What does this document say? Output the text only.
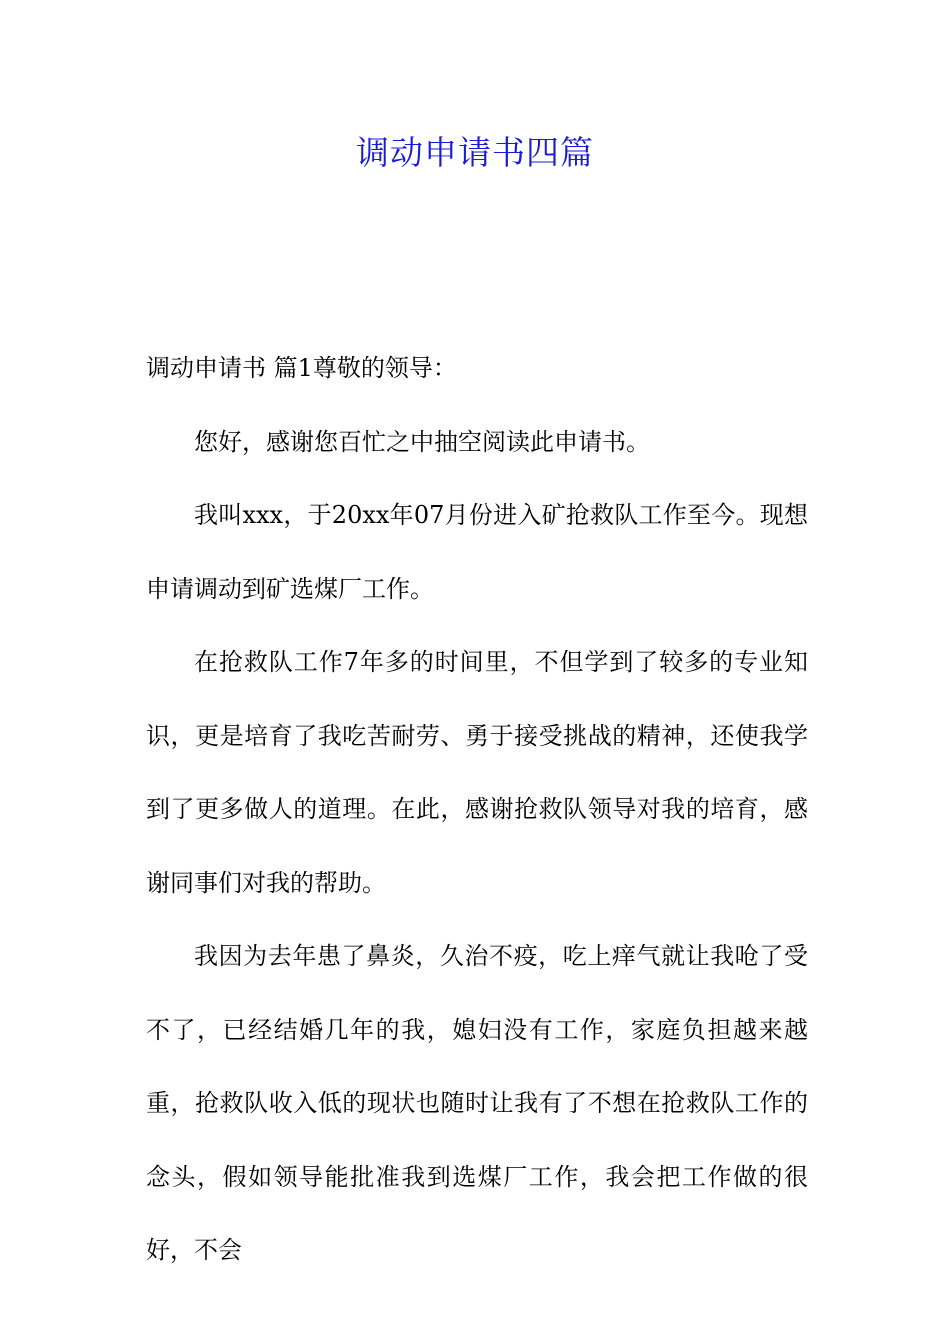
调动申请书四篇

调动申请书 篇1尊敬的领导：

您好，感谢您百忙之中抽空阅读此申请书。

我叫xxx，于20xx年07月份进入矿抢救队工作至今。现想申请调动到矿选煤厂工作。

在抢救队工作7年多的时间里，不但学到了较多的专业知识，更是培育了我吃苦耐劳、勇于接受挑战的精神，还使我学到了更多做人的道理。在此，感谢抢救队领导对我的培育，感谢同事们对我的帮助。

我因为去年患了鼻炎，久治不疫，吃上痒气就让我呛了受不了，已经结婚几年的我，媳妇没有工作，家庭负担越来越重，抢救队收入低的现状也随时让我有了不想在抢救队工作的念头，假如领导能批准我到选煤厂工作，我会把工作做的很好，不会
